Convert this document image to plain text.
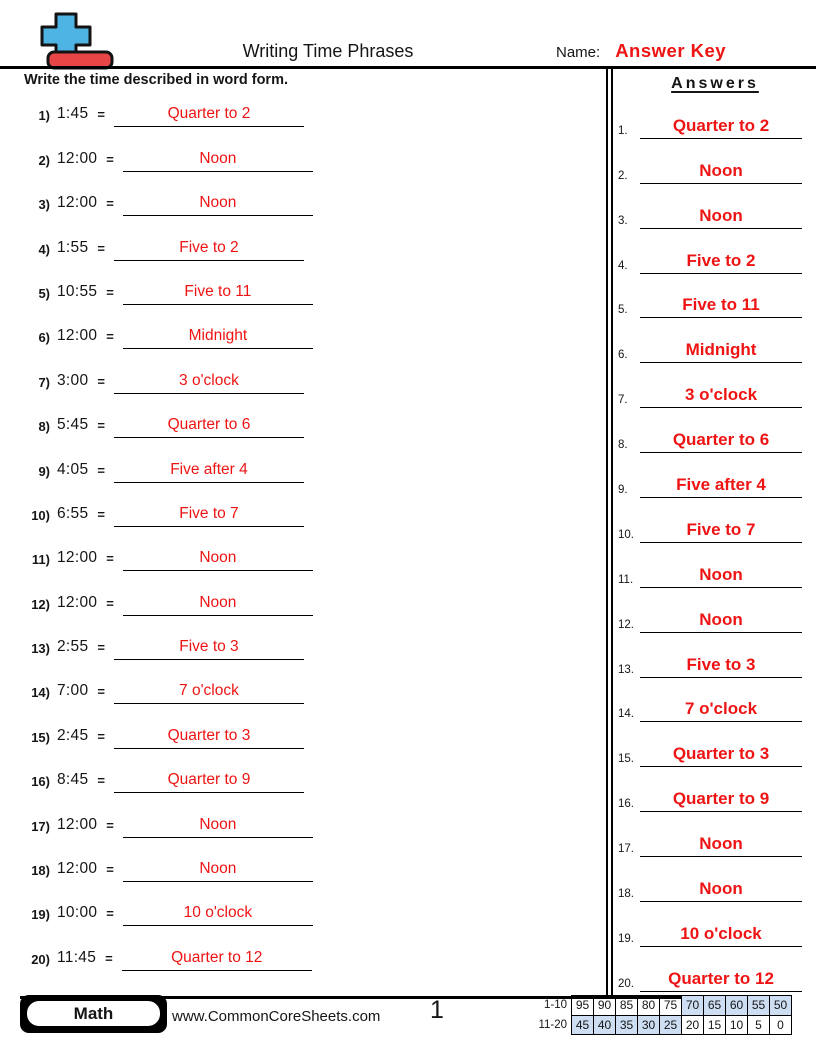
Writing Time Phrases	Name: Answer Key
Write the time described in word form.
1) 1:45 =	Quarter to 2
2) 12:00 =	Noon
3) 12:00 =	Noon
4) 1:55 =	Five to 2
5) 10:55 =	Five to 11
6) 12:00 =	Midnight
7) 3:00 =	3 o'clock
8) 5:45 =	Quarter to 6
9) 4:05 =	Five after 4
10) 6:55 =	Five to 7
11) 12:00 =	Noon
12) 12:00 =	Noon
13) 2:55 =	Five to 3
14) 7:00 =	7 o'clock
15) 2:45 =	Quarter to 3
16) 8:45 =	Quarter to 9
17) 12:00 =	Noon
18) 12:00 =	Noon
19) 10:00 =	10 o'clock
20) 11:45 =	Quarter to 12
Answers
1.	Quarter to 2
2.	Noon
3.	Noon
4.	Five to 2
5.	Five to 11
6.	Midnight
7.	3 o'clock
8.	Quarter to 6
9.	Five after 4
10.	Five to 7
11.	Noon
12.	Noon
13.	Five to 3
14.	7 o'clock
15.	Quarter to 3
16.	Quarter to 9
17.	Noon
18.	Noon
19.	10 o'clock
20.	Quarter to 12
Math	www.CommonCoreSheets.com 1	1-10	95	90	85	80	75	70	65	60	55	50
11-20	45	40	35	30	25	20	15	10	5	0
